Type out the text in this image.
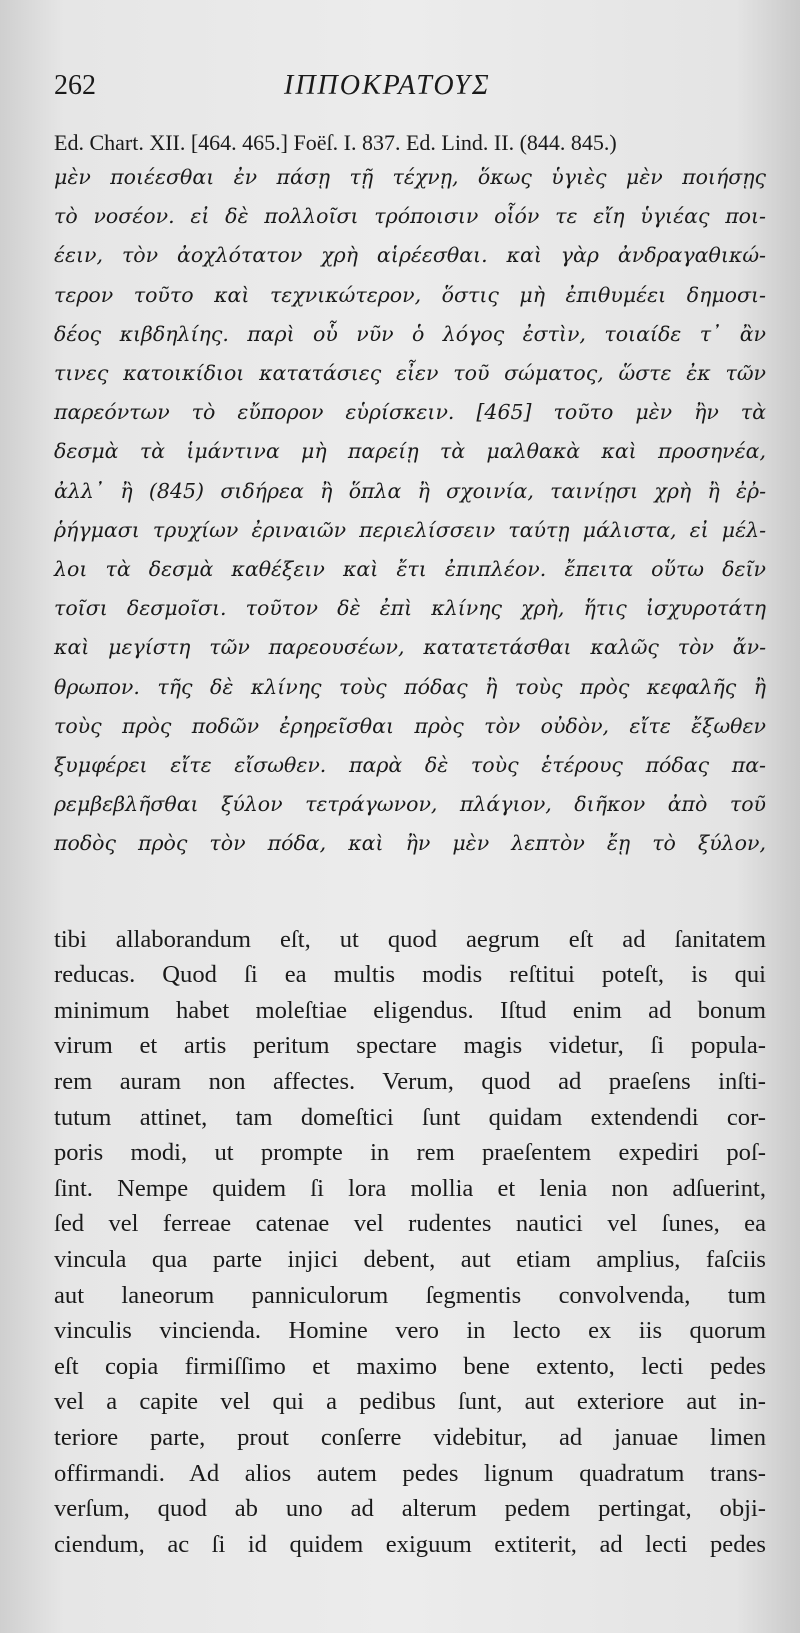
262	ΙΠΠΟΚΡΑΤΟΥΣ
Ed. Chart. XII. [464. 465.] Foëſ. I. 837. Ed. Lind. II. (844. 845.)
μὲν ποιέεσθαι ἐν πάσῃ τῇ τέχνῃ, ὅκως ὑγιὲς μὲν ποιήσῃς
τὸ νοσέον. εἰ δὲ πολλοῖσι τρόποισιν οἷόν τε εἴη ὑγιέας ποι-
έειν, τὸν ἀοχλότατον χρὴ αἱρέεσθαι. καὶ γὰρ ἀνδραγαθικώ-
τερον τοῦτο καὶ τεχνικώτερον, ὅστις μὴ ἐπιθυμέει δημοσι-
δέος κιβδηλίης. παρὶ οὗ νῦν ὁ λόγος ἐστὶν, τοιαίδε τ᾽ ἂν
τινες κατοικίδιοι κατατάσιες εἶεν τοῦ σώματος, ὥστε ἐκ τῶν
παρεόντων τὸ εὔπορον εὑρίσκειν. [465] τοῦτο μὲν ἢν τὰ
δεσμὰ τὰ ἱμάντινα μὴ παρείῃ τὰ μαλθακὰ καὶ προσηνέα,
ἀλλ᾽ ἢ (845) σιδήρεα ἢ ὅπλα ἢ σχοινία, ταινίῃσι χρὴ ἢ ἐῤ-
ῥήγμασι τρυχίων ἐριναιῶν περιελίσσειν ταύτῃ μάλιστα, εἰ μέλ-
λοι τὰ δεσμὰ καθέξειν καὶ ἔτι ἐπιπλέον. ἔπειτα οὕτω δεῖν
τοῖσι δεσμοῖσι. τοῦτον δὲ ἐπὶ κλίνης χρὴ, ἥτις ἰσχυροτάτη
καὶ μεγίστη τῶν παρεουσέων, κατατετάσθαι καλῶς τὸν ἄν-
θρωπον. τῆς δὲ κλίνης τοὺς πόδας ἢ τοὺς πρὸς κεφαλῆς ἢ
τοὺς πρὸς ποδῶν ἐρηρεῖσθαι πρὸς τὸν οὐδὸν, εἴτε ἔξωθεν
ξυμφέρει εἴτε εἴσωθεν. παρὰ δὲ τοὺς ἑτέρους πόδας πα-
ρεμβεβλῆσθαι ξύλον τετράγωνον, πλάγιον, διῆκον ἀπὸ τοῦ
ποδὸς πρὸς τὸν πόδα, καὶ ἢν μὲν λεπτὸν ἔῃ τὸ ξύλον,
tibi allaborandum eſt, ut quod aegrum eſt ad ſanitatem
reducas. Quod ſi ea multis modis reſtitui poteſt, is qui
minimum habet moleſtiae eligendus. Iſtud enim ad bonum
virum et artis peritum spectare magis videtur, ſi popula-
rem auram non affectes. Verum, quod ad praeſens inſti-
tutum attinet, tam domeſtici ſunt quidam extendendi cor-
poris modi, ut prompte in rem praeſentem expediri poſ-
ſint. Nempe quidem ſi lora mollia et lenia non adſuerint,
ſed vel ferreae catenae vel rudentes nautici vel ſunes, ea
vincula qua parte injici debent, aut etiam amplius, faſciis
aut laneorum panniculorum ſegmentis convolvenda, tum
vinculis vincienda. Homine vero in lecto ex iis quorum
eſt copia firmiſſimo et maximo bene extento, lecti pedes
vel a capite vel qui a pedibus ſunt, aut exteriore aut in-
teriore parte, prout conſerre videbitur, ad januae limen
offirmandi. Ad alios autem pedes lignum quadratum trans-
verſum, quod ab uno ad alterum pedem pertingat, obji-
ciendum, ac ſi id quidem exiguum extiterit, ad lecti pedes
